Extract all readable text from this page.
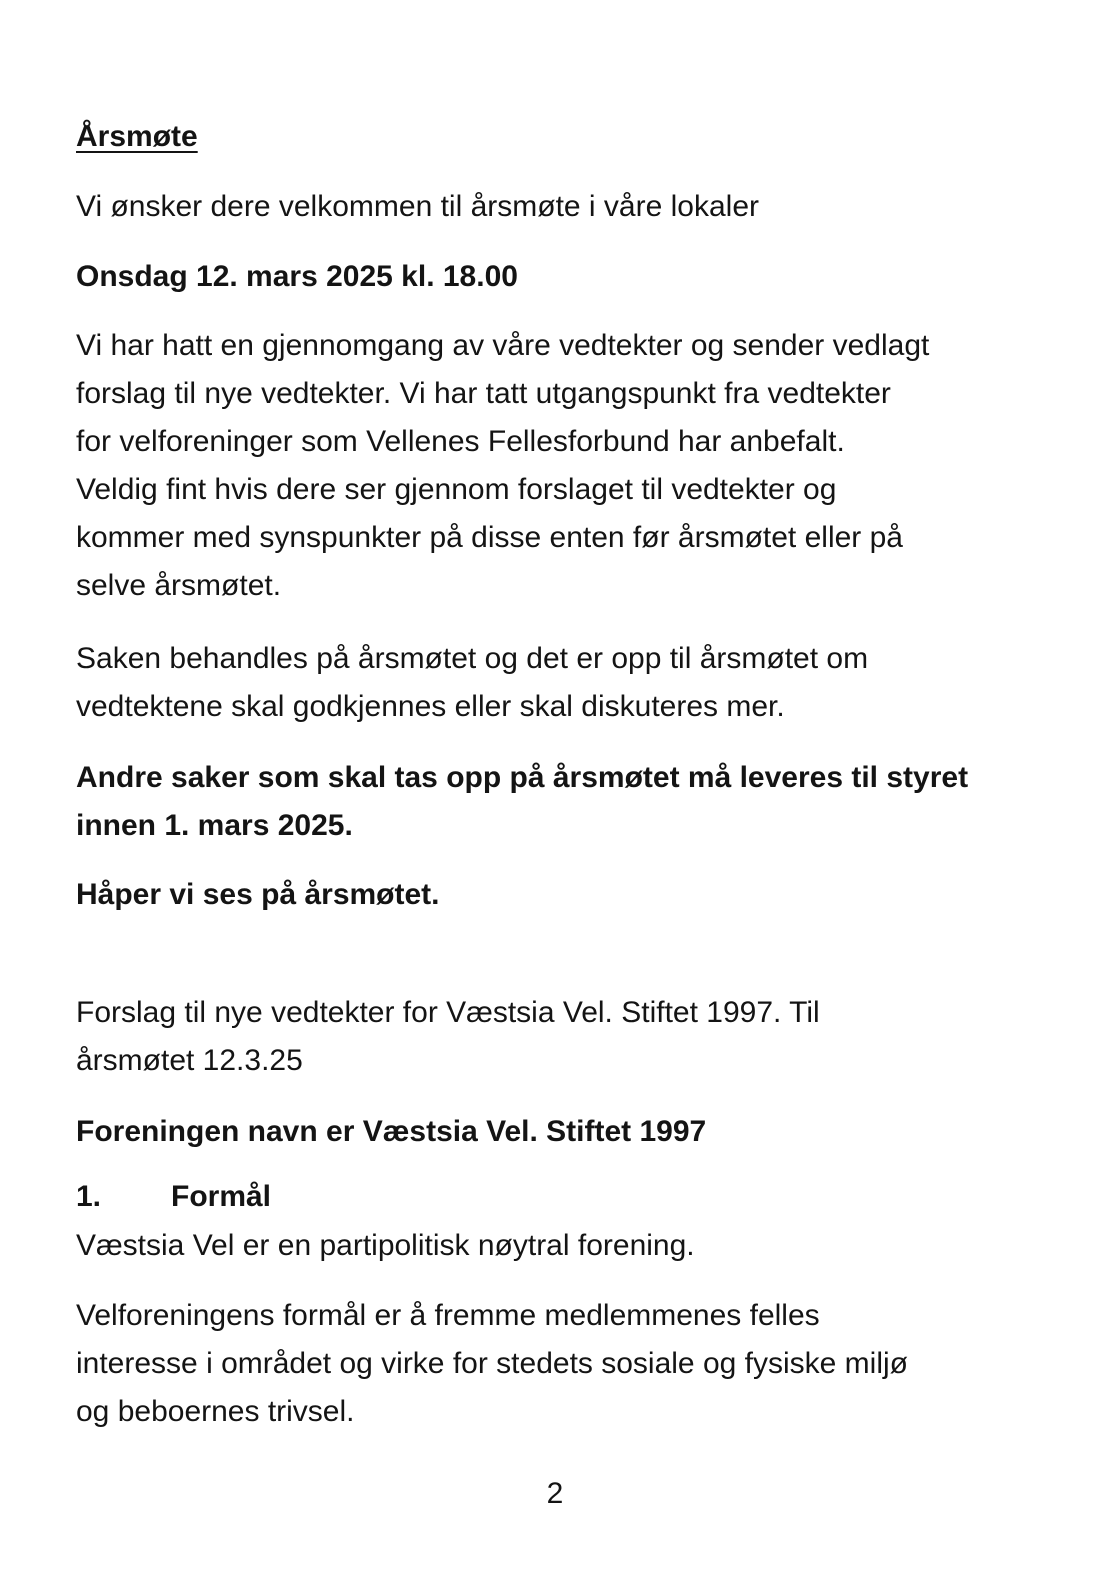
Årsmøte

Vi ønsker dere velkommen til årsmøte i våre lokaler

Onsdag 12. mars 2025 kl. 18.00

Vi har hatt en gjennomgang av våre vedtekter og sender vedlagt
forslag til nye vedtekter. Vi har tatt utgangspunkt fra vedtekter
for velforeninger som Vellenes Fellesforbund har anbefalt.
Veldig fint hvis dere ser gjennom forslaget til vedtekter og
kommer med synspunkter på disse enten før årsmøtet eller på
selve årsmøtet.
Saken behandles på årsmøtet og det er opp til årsmøtet om
vedtektene skal godkjennes eller skal diskuteres mer.
Andre saker som skal tas opp på årsmøtet må leveres til styret
innen 1. mars 2025.

Håper vi ses på årsmøtet.

Forslag til nye vedtekter for Væstsia Vel. Stiftet 1997. Til
årsmøtet 12.3.25

Foreningen navn er Væstsia Vel. Stiftet 1997

1. Formål

Væstsia Vel er en partipolitisk nøytral forening.

Velforeningens formål er å fremme medlemmenes felles
interesse i området og virke for stedets sosiale og fysiske miljø
og beboernes trivsel.
2
